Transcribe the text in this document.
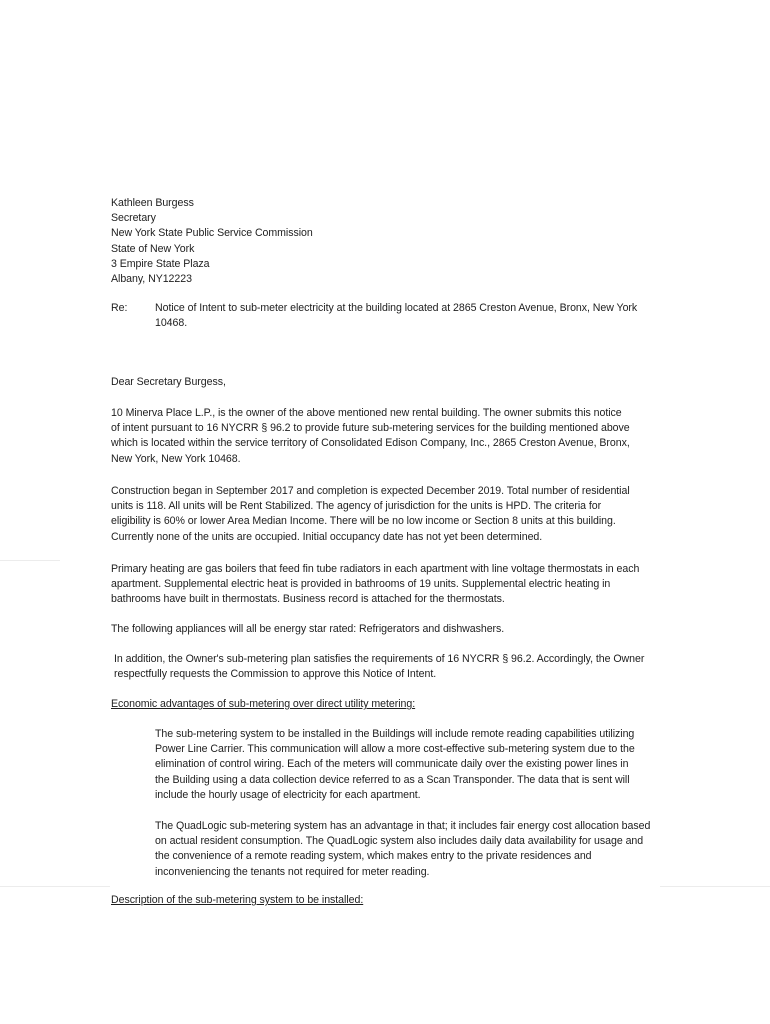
Kathleen Burgess
Secretary
New York State Public Service Commission
State of New York
3 Empire State Plaza
Albany, NY12223
Re:	Notice of Intent to sub-meter electricity at the building located at 2865 Creston Avenue, Bronx, New York
10468.
Dear Secretary Burgess,
10 Minerva Place L.P., is the owner of the above mentioned new rental building. The owner submits this notice
of intent pursuant to 16 NYCRR § 96.2 to provide future sub-metering services for the building mentioned above
which is located within the service territory of Consolidated Edison Company, Inc., 2865 Creston Avenue, Bronx,
New York, New York 10468.
Construction began in September 2017 and completion is expected December 2019. Total number of residential
units is 118. All units will be Rent Stabilized. The agency of jurisdiction for the units is HPD. The criteria for
eligibility is 60% or lower Area Median Income. There will be no low income or Section 8 units at this building.
Currently none of the units are occupied. Initial occupancy date has not yet been determined.
Primary heating are gas boilers that feed fin tube radiators in each apartment with line voltage thermostats in each
apartment. Supplemental electric heat is provided in bathrooms of 19 units. Supplemental electric heating in
bathrooms have built in thermostats. Business record is attached for the thermostats.
The following appliances will all be energy star rated: Refrigerators and dishwashers.
In addition, the Owner's sub-metering plan satisfies the requirements of 16 NYCRR § 96.2. Accordingly, the Owner
respectfully requests the Commission to approve this Notice of Intent.
Economic advantages of sub-metering over direct utility metering:
The sub-metering system to be installed in the Buildings will include remote reading capabilities utilizing
Power Line Carrier. This communication will allow a more cost-effective sub-metering system due to the
elimination of control wiring. Each of the meters will communicate daily over the existing power lines in
the Building using a data collection device referred to as a Scan Transponder. The data that is sent will
include the hourly usage of electricity for each apartment.
The QuadLogic sub-metering system has an advantage in that; it includes fair energy cost allocation based
on actual resident consumption. The QuadLogic system also includes daily data availability for usage and
the convenience of a remote reading system, which makes entry to the private residences and
inconveniencing the tenants not required for meter reading.
Description of the sub-metering system to be installed:
